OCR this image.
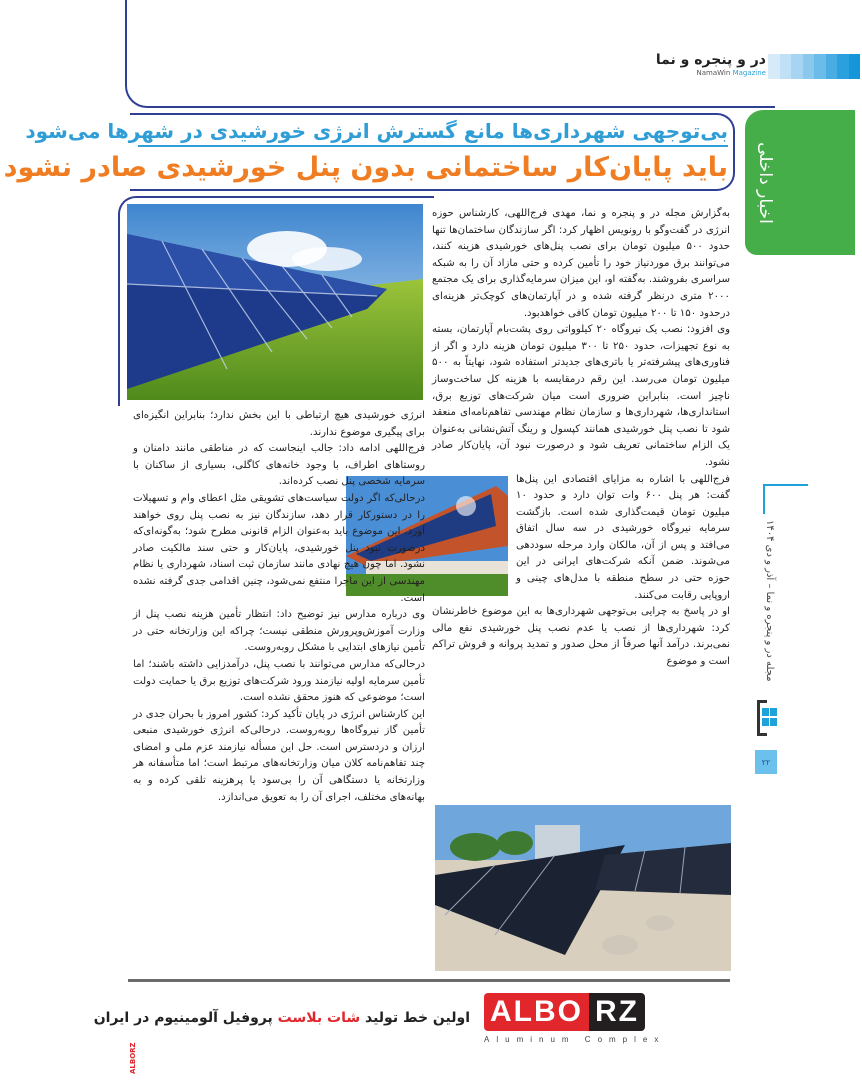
در و پنجره و نما
NamaWin Magazine
اخبار داخلی
بی‌توجهی شهرداری‌ها مانع گسترش انرژی خورشیدی در شهرها می‌شود
باید پایان‌کار ساختمانی بدون پنل خورشیدی صادر نشود

به‌گزارش مجله در و پنجره و نما، مهدی فرج‌اللهی، کارشناس حوزه انرژی در گفت‌وگو با رونویس اظهار کرد: اگر سازندگان ساختمان‌ها تنها حدود ۵۰۰ میلیون تومان برای نصب پنل‌های خورشیدی هزینه کنند، می‌توانند برق موردنیاز خود را تأمین کرده و حتی مازاد آن را به شبکه سراسری بفروشند. به‌گفته او، این میزان سرمایه‌گذاری برای یک مجتمع ۲۰۰۰ متری درنظر گرفته شده و در آپارتمان‌های کوچک‌تر هزینه‌ای درحدود ۱۵۰ تا ۲۰۰ میلیون تومان کافی خواهدبود.

وی افزود: نصب یک نیروگاه ۲۰ کیلوواتی روی پشت‌بام آپارتمان، بسته به نوع تجهیزات، حدود ۲۵۰ تا ۳۰۰ میلیون تومان هزینه دارد و اگر از فناوری‌های پیشرفته‌تر یا باتری‌های جدیدتر استفاده شود، نهایتاً به ۵۰۰ میلیون تومان می‌رسد. این رقم درمقایسه با هزینه کل ساخت‌وساز ناچیز است. بنابراین ضروری است میان شرکت‌های توزیع برق، استانداری‌ها، شهرداری‌ها و سازمان نظام مهندسی تفاهم‌نامه‌ای منعقد شود تا نصب پنل خورشیدی همانند کپسول و رینگ آتش‌نشانی به‌عنوان یک الزام ساختمانی تعریف شود و درصورت نبود آن، پایان‌کار صادر نشود.

فرج‌اللهی با اشاره به مزایای اقتصادی این پنل‌ها گفت: هر پنل ۶۰۰ وات توان دارد و حدود ۱۰ میلیون تومان قیمت‌گذاری شده است. بازگشت سرمایه نیروگاه خورشیدی در سه سال اتفاق می‌افتد و پس از آن، مالکان وارد مرحله سوددهی می‌شوند. ضمن آنکه شرکت‌های ایرانی در این حوزه حتی در سطح منطقه با مدل‌های چینی و اروپایی رقابت می‌کنند.

او در پاسخ به چرایی بی‌توجهی شهرداری‌ها به این موضوع خاطرنشان کرد: شهرداری‌ها از نصب یا عدم نصب پنل خورشیدی نفع مالی نمی‌برند. درآمد آنها صرفاً از محل صدور و تمدید پروانه و فروش تراکم است و موضوع

انرژی خورشیدی هیچ ارتباطی با این بخش ندارد؛ بنابراین انگیزه‌ای برای پیگیری موضوع ندارند.

فرج‌اللهی ادامه داد: جالب اینجاست که در مناطقی مانند دامنان و روستاهای اطراف، با وجود خانه‌های کاگلی، بسیاری از ساکنان با سرمایه شخصی پنل نصب کرده‌اند.

درحالی‌که اگر دولت سیاست‌های تشویقی مثل اعطای وام و تسهیلات را در دستورکار قرار دهد، سازندگان نیز به نصب پنل روی خواهند آورد. این موضوع باید به‌عنوان الزام قانونی مطرح شود؛ به‌گونه‌ای‌که درصورت نبود پنل خورشیدی، پایان‌کار و حتی سند مالکیت صادر نشود. اما چون هیچ نهادی مانند سازمان ثبت اسناد، شهرداری یا نظام مهندسی از این ماجرا منتفع نمی‌شود، چنین اقدامی جدی گرفته نشده است.

وی درباره مدارس نیز توضیح داد: انتظار تأمین هزینه نصب پنل از وزارت آموزش‌وپرورش منطقی نیست؛ چراکه این وزارتخانه حتی در تأمین نیازهای ابتدایی با مشکل روبه‌روست.

درحالی‌که مدارس می‌توانند با نصب پنل، درآمدزایی داشته باشند؛ اما تأمین سرمایه اولیه نیازمند ورود شرکت‌های توزیع برق یا حمایت دولت است؛ موضوعی که هنوز محقق نشده است.

این کارشناس انرژی در پایان تأکید کرد: کشور امروز با بحران جدی در تأمین گاز نیروگاه‌ها روبه‌روست. درحالی‌که انرژی خورشیدی منبعی ارزان و دردسترس است. حل این مسأله نیازمند عزم ملی و امضای چند تفاهم‌نامه کلان میان وزارتخانه‌های مرتبط است؛ اما متأسفانه هر وزارتخانه یا دستگاهی آن را بی‌سود یا پرهزینه تلقی کرده و به بهانه‌های مختلف، اجرای آن را به تعویق می‌اندازد.

ALBORZ
اولین خط تولید شات بلاست پروفیل آلومینیوم در ایران	ALBO RZ
Aluminum Complex
مجله در و پنجره و نما – آذر و دی ۱۴۰۴
۲۲
